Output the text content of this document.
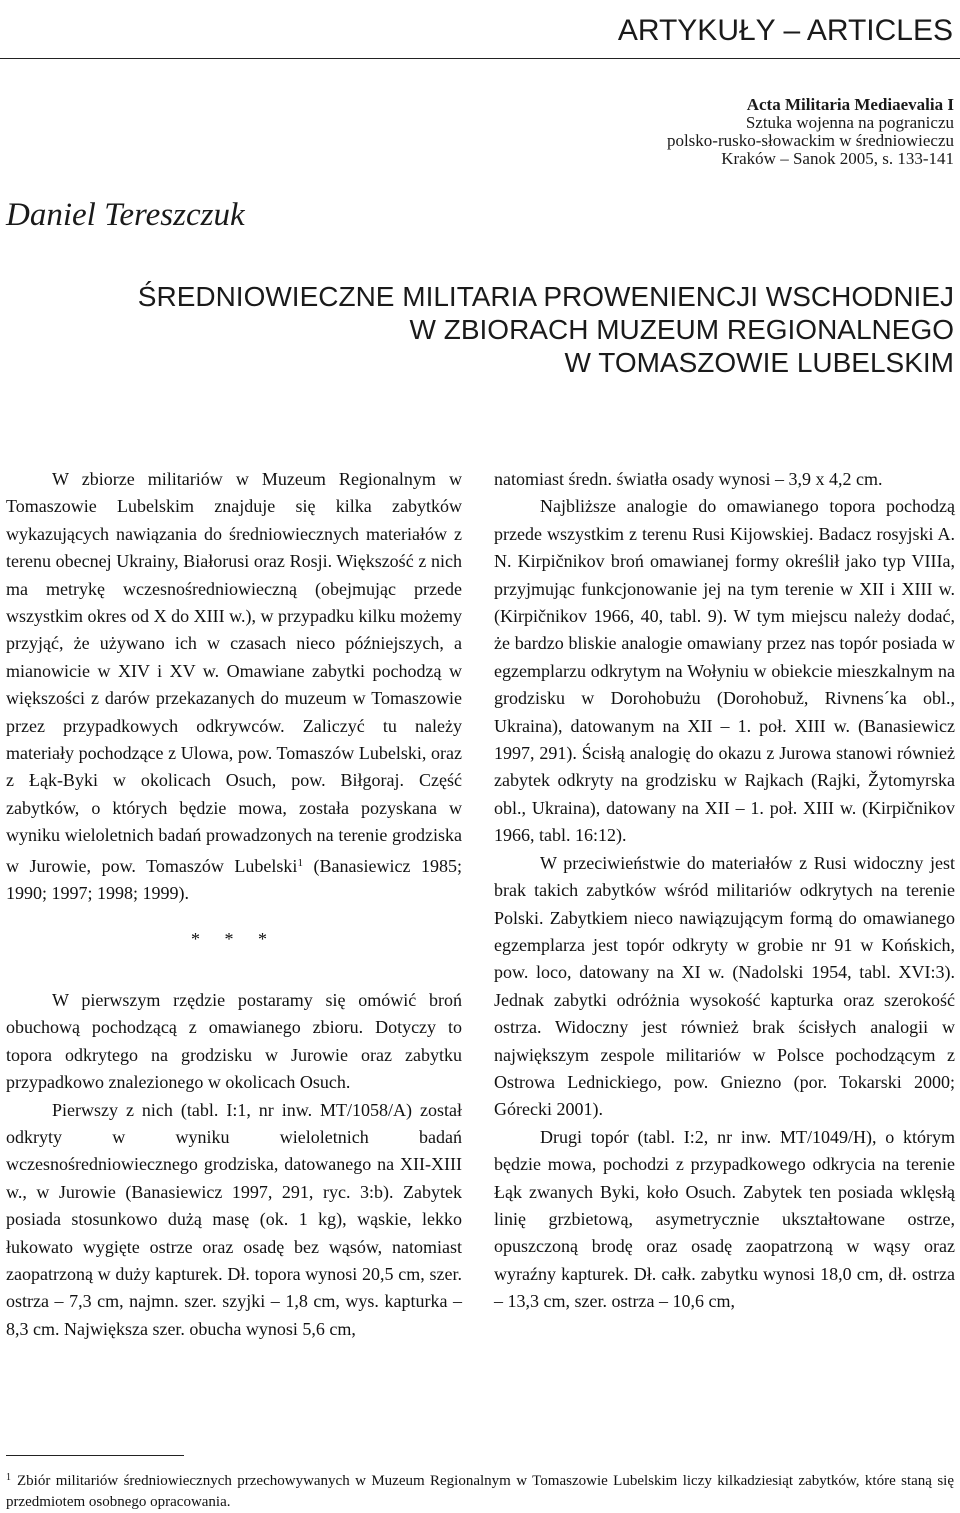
ARTYKUŁY – ARTICLES
Acta Militaria Mediaevalia I
Sztuka wojenna na pograniczu
polsko-rusko-słowackim w średniowieczu
Kraków – Sanok 2005, s. 133-141
Daniel Tereszczuk
ŚREDNIOWIECZNE MILITARIA PROWENIENCJI WSCHODNIEJ
W ZBIORACH MUZEUM REGIONALNEGO
W TOMASZOWIE LUBELSKIM

W zbiorze militariów w Muzeum Regionalnym w Tomaszowie Lubelskim znajduje się kilka zabytków wykazujących nawiązania do średniowiecznych materiałów z terenu obecnej Ukrainy, Białorusi oraz Rosji. Większość z nich ma metrykę wczesnośredniowieczną (obejmując przede wszystkim okres od X do XIII w.), w przypadku kilku możemy przyjąć, że używano ich w czasach nieco późniejszych, a mianowicie w XIV i XV w. Omawiane zabytki pochodzą w większości z darów przekazanych do muzeum w Tomaszowie przez przypadkowych odkrywców. Zaliczyć tu należy materiały pochodzące z Ulowa, pow. Tomaszów Lubelski, oraz z Łąk-Byki w okolicach Osuch, pow. Biłgoraj. Część zabytków, o których będzie mowa, została pozyskana w wyniku wieloletnich badań prowadzonych na terenie grodziska w Jurowie, pow. Tomaszów Lubelski$^1$ (Banasiewicz 1985; 1990; 1997; 1998; 1999).

* * *

W pierwszym rzędzie postaramy się omówić broń obuchową pochodzącą z omawianego zbioru. Dotyczy to topora odkrytego na grodzisku w Jurowie oraz zabytku przypadkowo znalezionego w okolicach Osuch.

Pierwszy z nich (tabl. I:1, nr inw. MT/1058/A) został odkryty w wyniku wieloletnich badań wczesnośredniowiecznego grodziska, datowanego na XII-XIII w., w Jurowie (Banasiewicz 1997, 291, ryc. 3:b). Zabytek posiada stosunkowo dużą masę (ok. 1 kg), wąskie, lekko łukowato wygięte ostrze oraz osadę bez wąsów, natomiast zaopatrzoną w duży kapturek. Dł. topora wynosi 20,5 cm, szer. ostrza – 7,3 cm, najmn. szer. szyjki – 1,8 cm, wys. kapturka – 8,3 cm. Największa szer. obucha wynosi 5,6 cm,

natomiast średn. światła osady wynosi – 3,9 x 4,2 cm.

Najbliższe analogie do omawianego topora pochodzą przede wszystkim z terenu Rusi Kijowskiej. Badacz rosyjski A. N. Kirpičnikov broń omawianej formy określił jako typ VIIIa, przyjmując funkcjonowanie jej na tym terenie w XII i XIII w. (Kirpičnikov 1966, 40, tabl. 9). W tym miejscu należy dodać, że bardzo bliskie analogie omawiany przez nas topór posiada w egzemplarzu odkrytym na Wołyniu w obiekcie mieszkalnym na grodzisku w Dorohobużu (Dorohobuž, Rivnens´ka obl., Ukraina), datowanym na XII – 1. poł. XIII w. (Banasiewicz 1997, 291). Ścisłą analogię do okazu z Jurowa stanowi również zabytek odkryty na grodzisku w Rajkach (Rajki, Žytomyrska obl., Ukraina), datowany na XII – 1. poł. XIII w. (Kirpičnikov 1966, tabl. 16:12).

W przeciwieństwie do materiałów z Rusi widoczny jest brak takich zabytków wśród militariów odkrytych na terenie Polski. Zabytkiem nieco nawiązującym formą do omawianego egzemplarza jest topór odkryty w grobie nr 91 w Końskich, pow. loco, datowany na XI w. (Nadolski 1954, tabl. XVI:3). Jednak zabytki odróżnia wysokość kapturka oraz szerokość ostrza. Widoczny jest również brak ścisłych analogii w największym zespole militariów w Polsce pochodzącym z Ostrowa Lednickiego, pow. Gniezno (por. Tokarski 2000; Górecki 2001).

Drugi topór (tabl. I:2, nr inw. MT/1049/H), o którym będzie mowa, pochodzi z przypadkowego odkrycia na terenie Łąk zwanych Byki, koło Osuch. Zabytek ten posiada wklęsłą linię grzbietową, asymetrycznie ukształtowane ostrze, opuszczoną brodę oraz osadę zaopatrzoną w wąsy oraz wyraźny kapturek. Dł. całk. zabytku wynosi 18,0 cm, dł. ostrza – 13,3 cm, szer. ostrza – 10,6 cm,

$^1$ Zbiór militariów średniowiecznych przechowywanych w Muzeum Regionalnym w Tomaszowie Lubelskim liczy kilkadziesiąt zabytków, które staną się przedmiotem osobnego opracowania.
